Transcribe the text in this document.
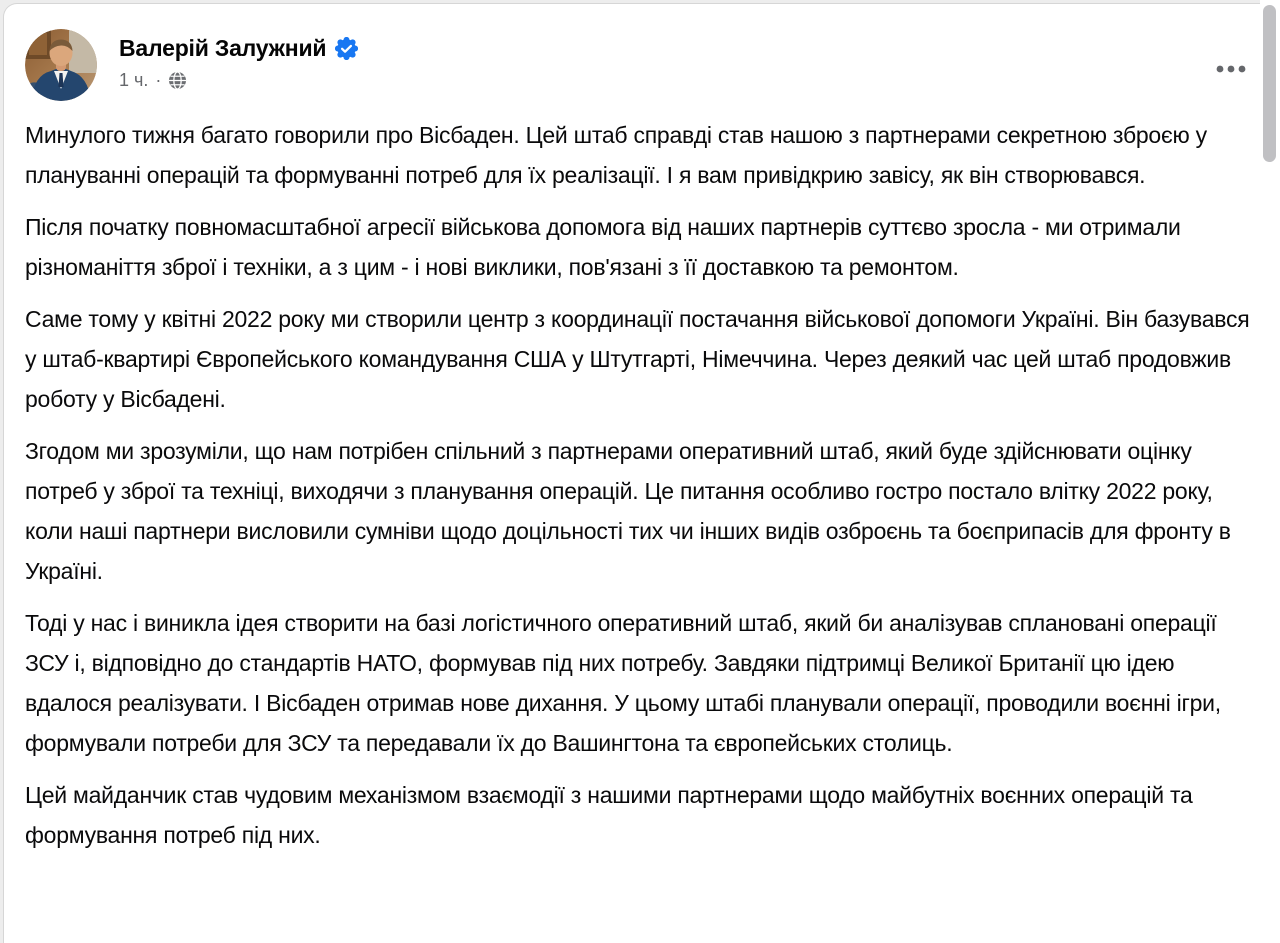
Валерій Залужний
1 ч. ·

Минулого тижня багато говорили про Вісбаден. Цей штаб справді став нашою з партнерами секретною зброєю у плануванні операцій та формуванні потреб для їх реалізації. І я вам привідкрию завісу, як він створювався.

Після початку повномасштабної агресії військова допомога від наших партнерів суттєво зросла - ми отримали різноманіття зброї і техніки, а з цим - і нові виклики, пов'язані з її доставкою та ремонтом.

Саме тому у квітні 2022 року ми створили центр з координації постачання військової допомоги Україні. Він базувався у штаб-квартирі Європейського командування США у Штутгарті, Німеччина. Через деякий час цей штаб продовжив роботу у Вісбадені.

Згодом ми зрозуміли, що нам потрібен спільний з партнерами оперативний штаб, який буде здійснювати оцінку потреб у зброї та техніці, виходячи з планування операцій. Це питання особливо гостро постало влітку 2022 року, коли наші партнери висловили сумніви щодо доцільності тих чи інших видів озброєнь та боєприпасів для фронту в Україні.

Тоді у нас і виникла ідея створити на базі логістичного оперативний штаб, який би аналізував сплановані операції ЗСУ і, відповідно до стандартів НАТО, формував під них потребу. Завдяки підтримці Великої Британії цю ідею вдалося реалізувати. І Вісбаден отримав нове дихання. У цьому штабі планували операції, проводили воєнні ігри, формували потреби для ЗСУ та передавали їх до Вашингтона та європейських столиць.

Цей майданчик став чудовим механізмом взаємодії з нашими партнерами щодо майбутніх воєнних операцій та формування потреб під них.
